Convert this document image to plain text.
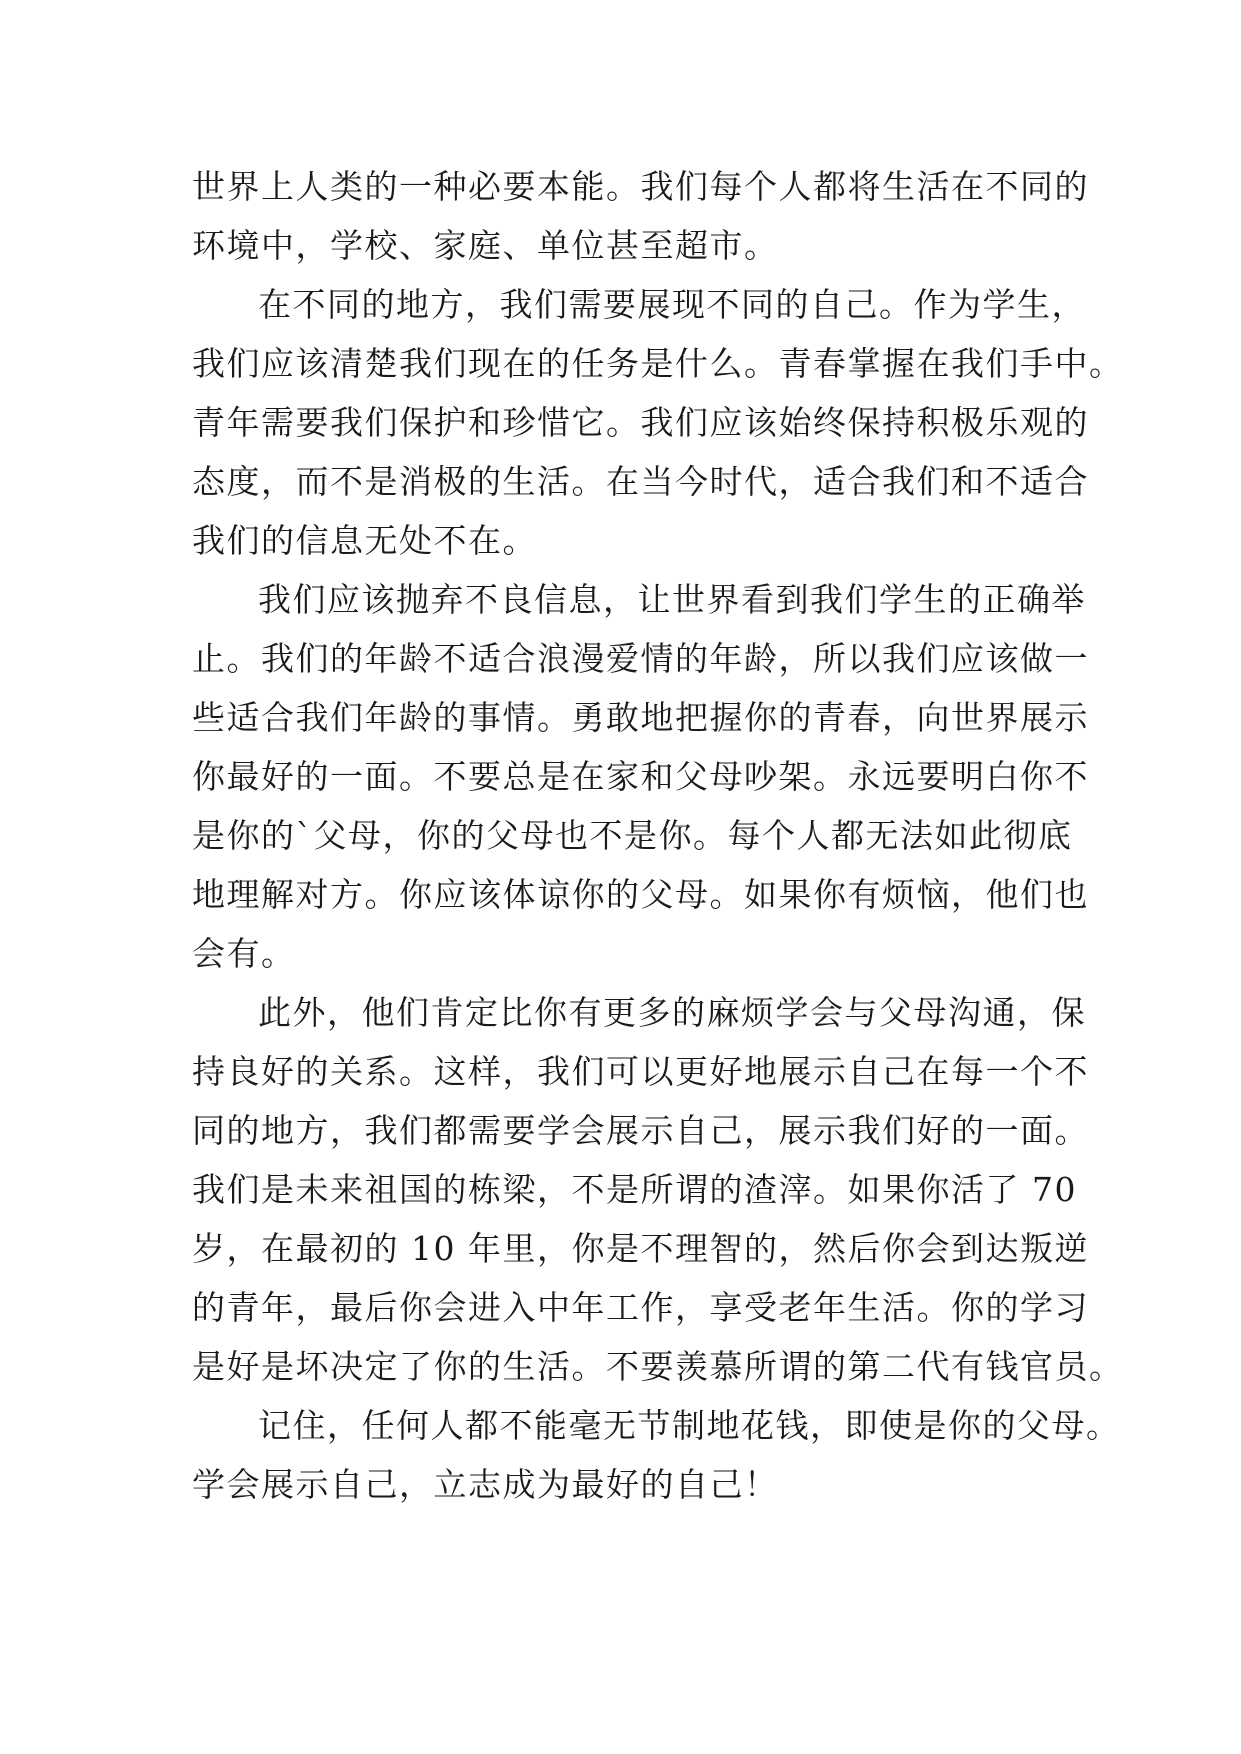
世界上人类的一种必要本能。我们每个人都将生活在不同的
环境中，学校、家庭、单位甚至超市。
在不同的地方，我们需要展现不同的自己。作为学生，
我们应该清楚我们现在的任务是什么。青春掌握在我们手中。
青年需要我们保护和珍惜它。我们应该始终保持积极乐观的
态度，而不是消极的生活。在当今时代，适合我们和不适合
我们的信息无处不在。
我们应该抛弃不良信息，让世界看到我们学生的正确举
止。我们的年龄不适合浪漫爱情的年龄，所以我们应该做一
些适合我们年龄的事情。勇敢地把握你的青春，向世界展示
你最好的一面。不要总是在家和父母吵架。永远要明白你不
是你的`父母，你的父母也不是你。每个人都无法如此彻底
地理解对方。你应该体谅你的父母。如果你有烦恼，他们也
会有。
此外，他们肯定比你有更多的麻烦学会与父母沟通，保
持良好的关系。这样，我们可以更好地展示自己在每一个不
同的地方，我们都需要学会展示自己，展示我们好的一面。
我们是未来祖国的栋梁，不是所谓的渣滓。如果你活了 70
岁，在最初的 10 年里，你是不理智的，然后你会到达叛逆
的青年，最后你会进入中年工作，享受老年生活。你的学习
是好是坏决定了你的生活。不要羡慕所谓的第二代有钱官员。
记住，任何人都不能毫无节制地花钱，即使是你的父母。
学会展示自己，立志成为最好的自己！
